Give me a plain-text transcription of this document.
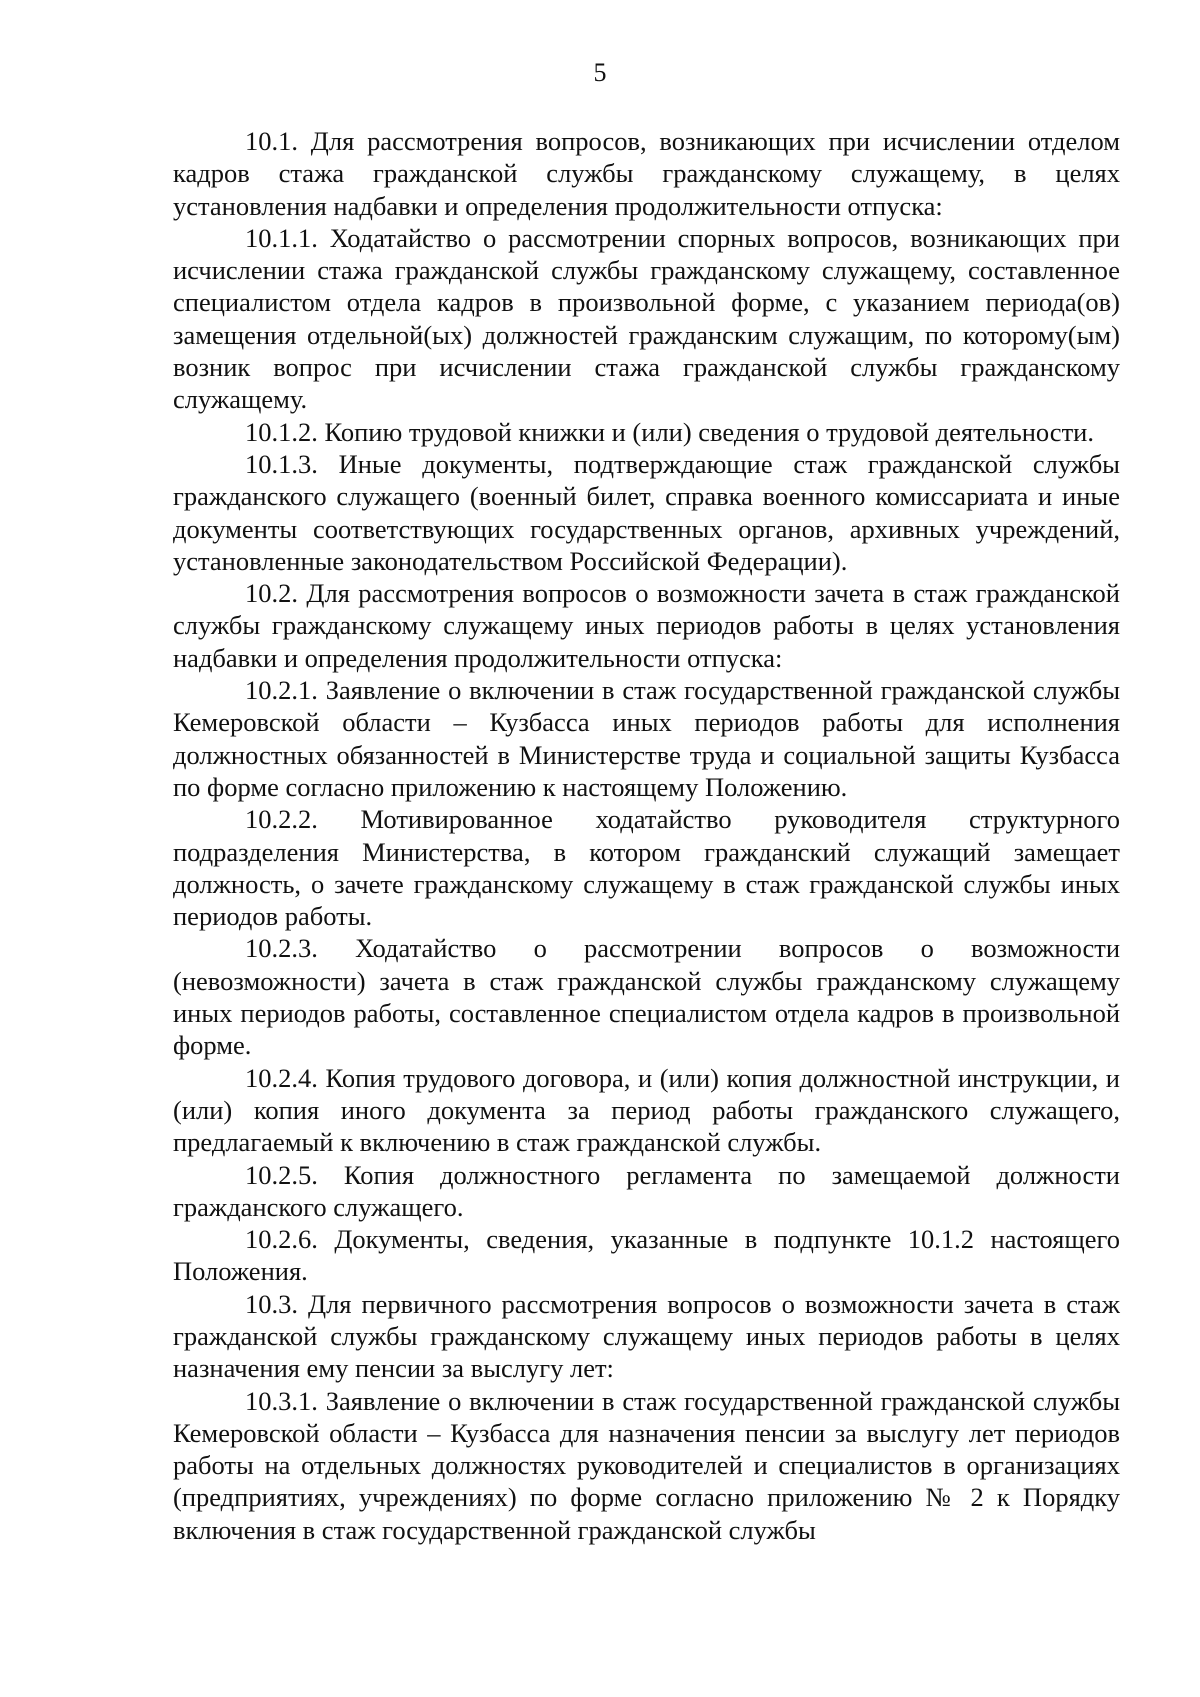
5

10.1. Для рассмотрения вопросов, возникающих при исчислении отделом кадров стажа гражданской службы гражданскому служащему, в целях установления надбавки и определения продолжительности отпуска:

10.1.1. Ходатайство о рассмотрении спорных вопросов, возникающих при исчислении стажа гражданской службы гражданскому служащему, составленное специалистом отдела кадров в произвольной форме, с указанием периода(ов) замещения отдельной(ых) должностей гражданским служащим, по которому(ым) возник вопрос при исчислении стажа гражданской службы гражданскому служащему.

10.1.2. Копию трудовой книжки и (или) сведения о трудовой деятельности.

10.1.3. Иные документы, подтверждающие стаж гражданской службы гражданского служащего (военный билет, справка военного комиссариата и иные документы соответствующих государственных органов, архивных учреждений, установленные законодательством Российской Федерации).

10.2. Для рассмотрения вопросов о возможности зачета в стаж гражданской службы гражданскому служащему иных периодов работы в целях установления надбавки и определения продолжительности отпуска:

10.2.1. Заявление о включении в стаж государственной гражданской службы Кемеровской области – Кузбасса иных периодов работы для исполнения должностных обязанностей в Министерстве труда и социальной защиты Кузбасса по форме согласно приложению к настоящему Положению.

10.2.2. Мотивированное ходатайство руководителя структурного подразделения Министерства, в котором гражданский служащий замещает должность, о зачете гражданскому служащему в стаж гражданской службы иных периодов работы.

10.2.3. Ходатайство о рассмотрении вопросов о возможности (невозможности) зачета в стаж гражданской службы гражданскому служащему иных периодов работы, составленное специалистом отдела кадров в произвольной форме.

10.2.4. Копия трудового договора, и (или) копия должностной инструкции, и (или) копия иного документа за период работы гражданского служащего, предлагаемый к включению в стаж гражданской службы.

10.2.5. Копия должностного регламента по замещаемой должности гражданского служащего.

10.2.6. Документы, сведения, указанные в подпункте 10.1.2 настоящего Положения.

10.3. Для первичного рассмотрения вопросов о возможности зачета в стаж гражданской службы гражданскому служащему иных периодов работы в целях назначения ему пенсии за выслугу лет:

10.3.1. Заявление о включении в стаж государственной гражданской службы Кемеровской области – Кузбасса для назначения пенсии за выслугу лет периодов работы на отдельных должностях руководителей и специалистов в организациях (предприятиях, учреждениях) по форме согласно приложению № 2 к Порядку включения в стаж государственной гражданской службы
